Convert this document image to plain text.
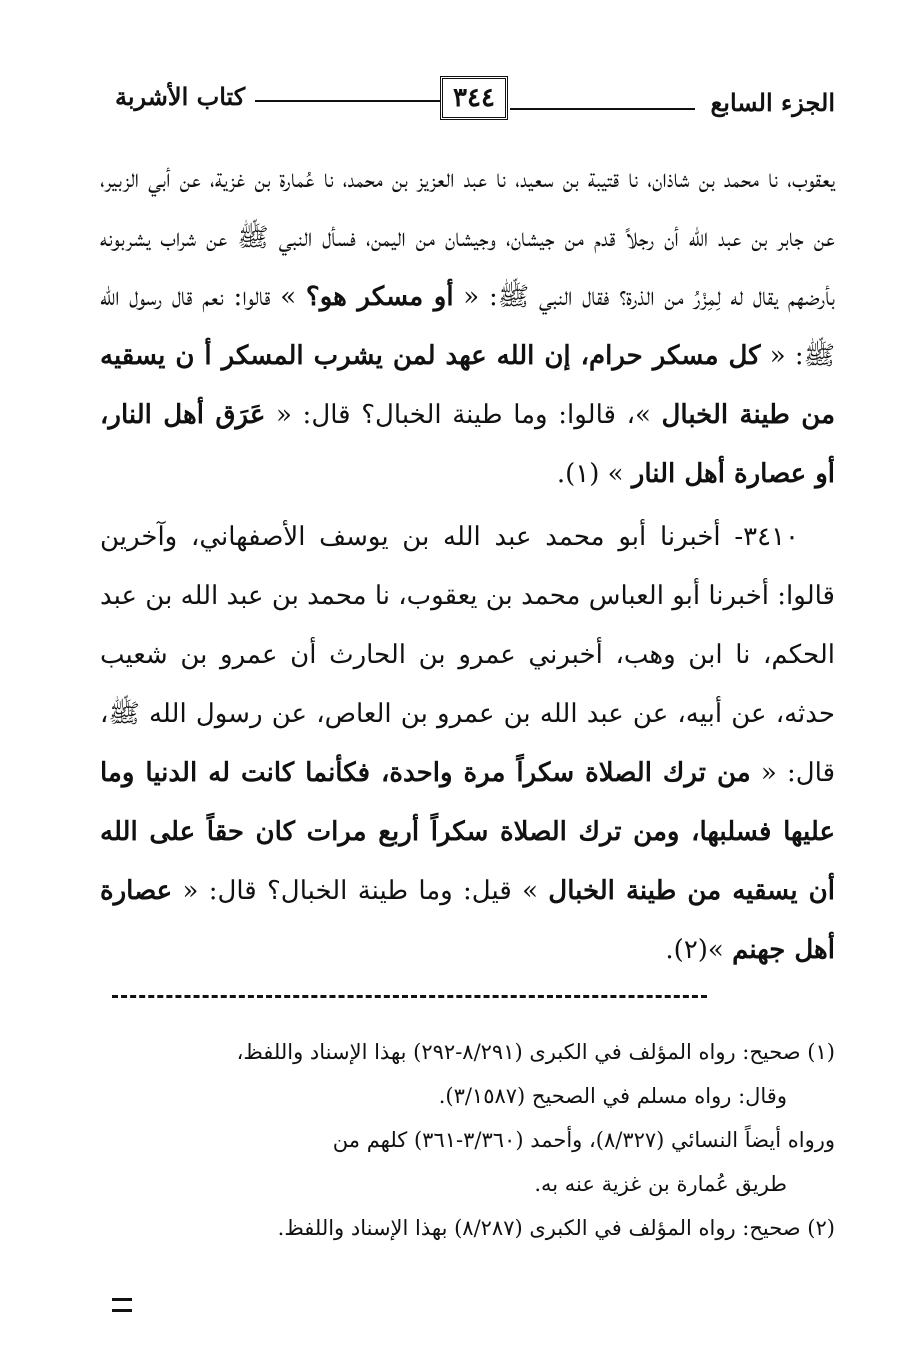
الجزء السابع
٣٤٤
كتاب الأشربة

يعقوب، نا محمد بن شاذان، نا قتيبة بن سعيد، نا عبد العزيز بن محمد، نا عُمارة بن غزية، عن أبي الزبير، عن جابر بن عبد الله أن رجلاً قدم من جيشان، وجيشان من اليمن، فسأل النبي ﷺ عن شراب يشربونه بأرضهم يقال له لِمِزْرُ من الذرة؟ فقال النبي ﷺ: « أو مسكر هو؟ » قالوا: نعم قال رسول الله ﷺ: « كل مسكر حرام، إن الله عهد لمن يشرب المسكر أ ن يسقيه من طينة الخبال »، قالوا: وما طينة الخبال؟ قال: « عَرَق أهل النار، أو عصارة أهل النار » (١).

٣٤١٠- أخبرنا أبو محمد عبد الله بن يوسف الأصفهاني، وآخرين قالوا: أخبرنا أبو العباس محمد بن يعقوب، نا محمد بن عبد الله بن عبد الحكم، نا ابن وهب، أخبرني عمرو بن الحارث أن عمرو بن شعيب حدثه، عن أبيه، عن عبد الله بن عمرو بن العاص، عن رسول الله ﷺ، قال: « من ترك الصلاة سكراً مرة واحدة، فكأنما كانت له الدنيا وما عليها فسلبها، ومن ترك الصلاة سكراً أربع مرات كان حقاً على الله أن يسقيه من طينة الخبال » قيل: وما طينة الخبال؟ قال: « عصارة أهل جهنم »(٢).

(١) صحيح: رواه المؤلف في الكبرى (٨/٢٩١-٢٩٢) بهذا الإسناد واللفظ،

وقال: رواه مسلم في الصحيح (٣/١٥٨٧).

ورواه أيضاً النسائي (٨/٣٢٧)، وأحمد (٣/٣٦٠-٣٦١) كلهم من

طريق عُمارة بن غزية عنه به.

(٢) صحيح: رواه المؤلف في الكبرى (٨/٢٨٧) بهذا الإسناد واللفظ.
